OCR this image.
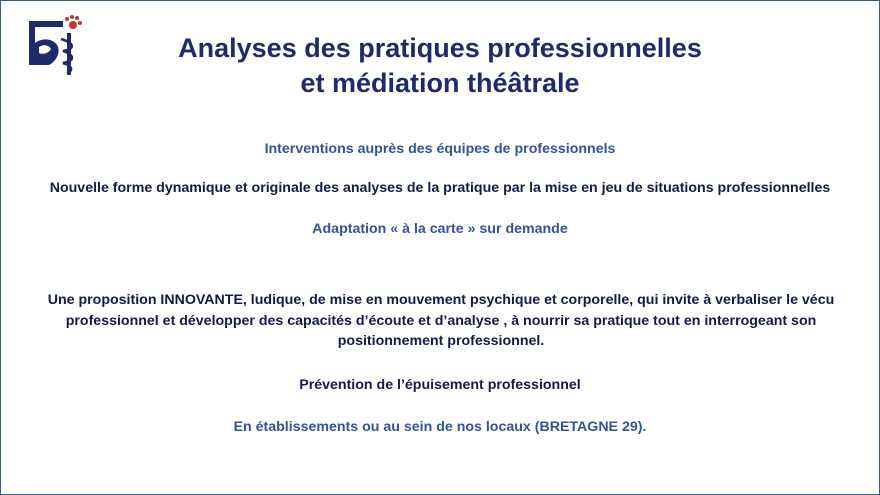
Analyses des pratiques professionnelles
et médiation théâtrale
Interventions auprès des équipes de professionnels
Nouvelle forme dynamique et originale des analyses de la pratique par la mise en jeu de situations professionnelles
Adaptation « à la carte » sur demande
Une proposition INNOVANTE, ludique, de mise en mouvement psychique et corporelle, qui invite à verbaliser le vécu
professionnel et développer des capacités d’écoute et d’analyse , à nourrir sa pratique tout en interrogeant son
positionnement professionnel.
Prévention de l’épuisement professionnel
En établissements ou au sein de nos locaux (BRETAGNE 29).
